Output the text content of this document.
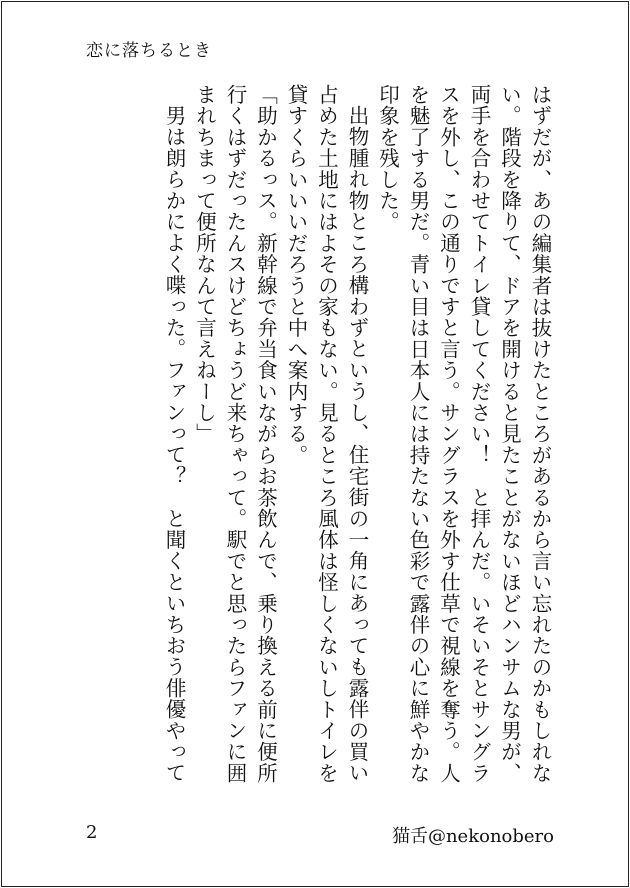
恋に落ちるとき

はずだが、あの編集者は抜けたところがあるから言い忘れたのかもしれない。階段を降りて、ドアを開けると見たことがないほどハンサムな男が、両手を合わせてトイレ貸してください！　と拝んだ。いそいそとサングラスを外し、この通りですと言う。サングラスを外す仕草で視線を奪う。人を魅了する男だ。青い目は日本人には持たない色彩で露伴の心に鮮やかな印象を残した。

出物腫れ物ところ構わずというし、住宅街の一角にあっても露伴の買い占めた土地にはよその家もない。見るところ風体は怪しくないしトイレを貸すくらいいいだろうと中へ案内する。

「助かるっス。新幹線で弁当食いながらお茶飲んで、乗り換える前に便所行くはずだったんスけどちょうど来ちゃって。駅でと思ったらファンに囲まれちまって便所なんて言えねーし」

男は朗らかによく喋った。ファンって？　と聞くといちおう俳優やって

2	猫舌@nekonobero
